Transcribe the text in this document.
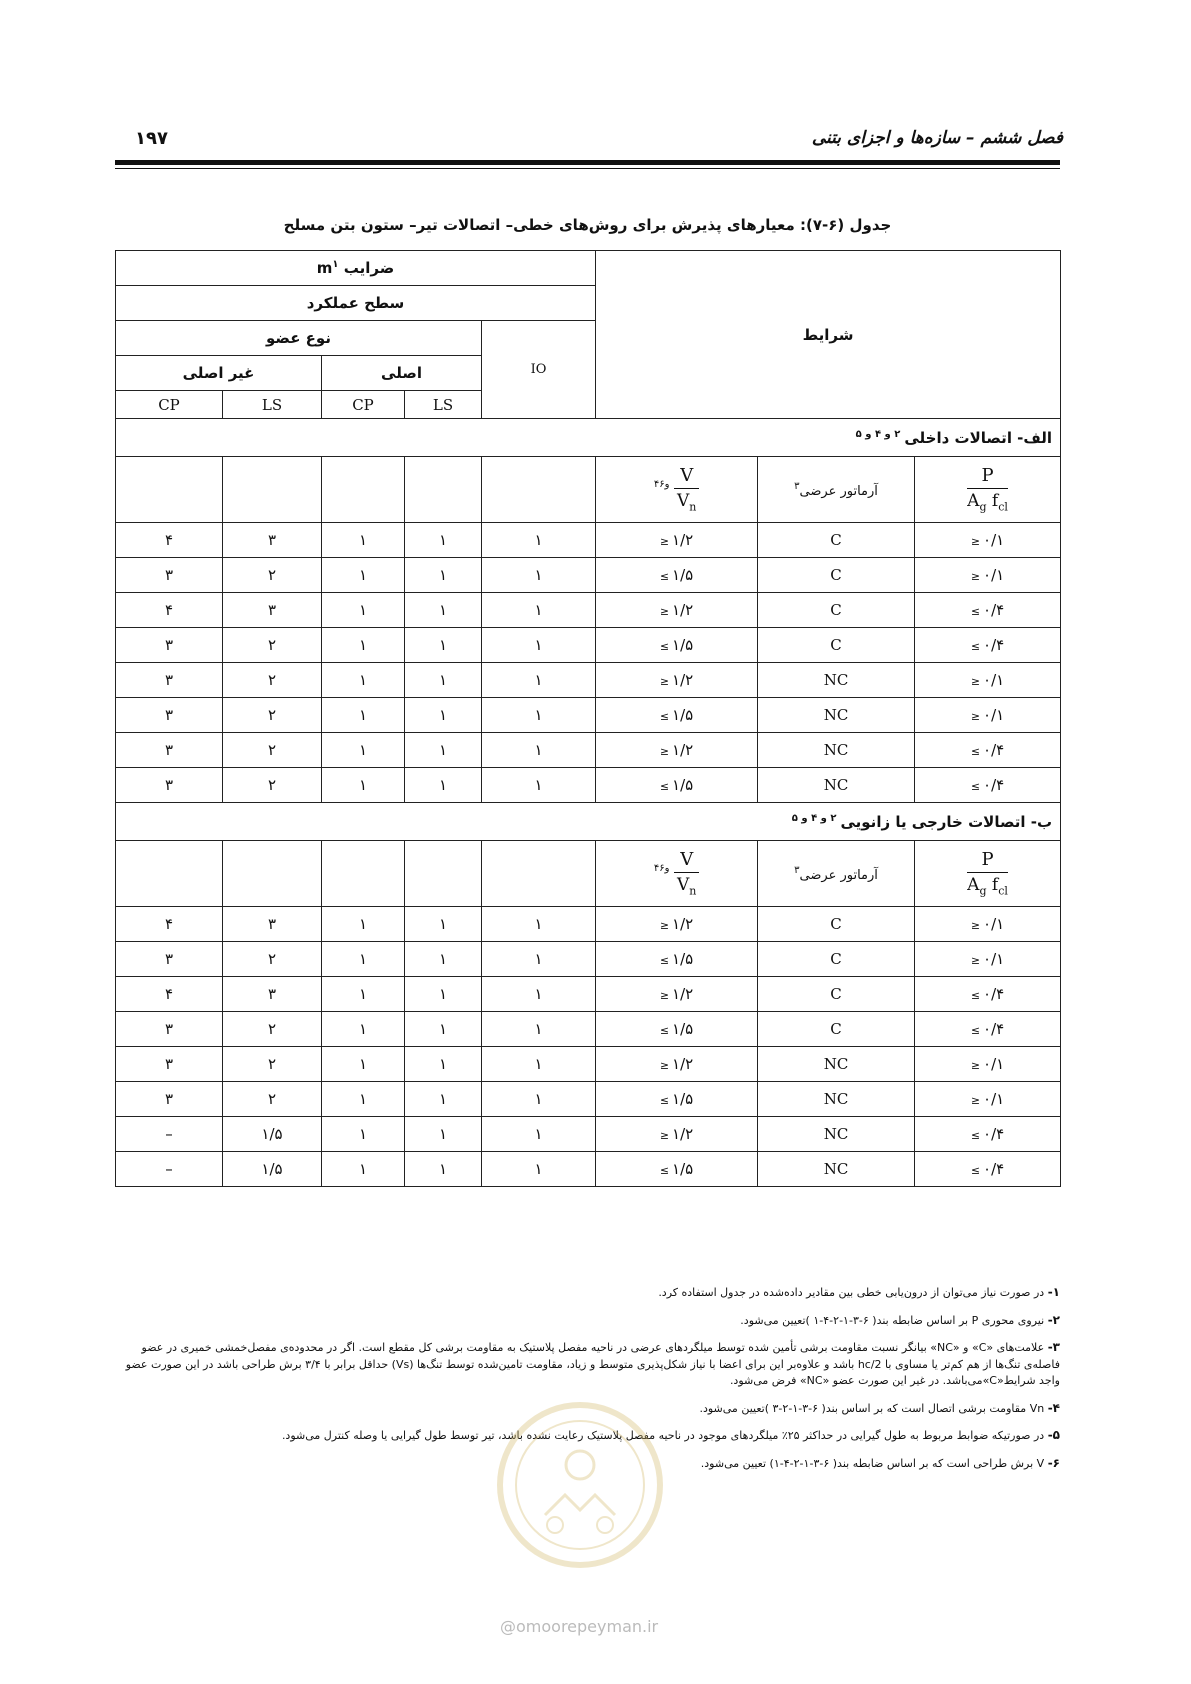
فصل ششم – سازه‌ها و اجزای بتنی
۱۹۷
جدول (۶-۷): معیارهای پذیرش برای روش‌های خطی– اتصالات تیر– ستون بتن مسلح
ضرایب m$^۱$					شرایط		
سطح عملکرد							
نوع عضو				IO			
غیر اصلی		اصلی					
CP	LS	CP	LS				
الف- اتصالات داخلی$^{۲ و ۴ و ۵}$
					$^{۴و۶} \frac{V}{V_n}$	آرماتور عرضی$^۳$	$\frac{P}{A_g f_{cl}}$

۴	۳	۱	۱	۱	۱/۲≤	C	۰/۱≤
۳	۲	۱	۱	۱	۱/۵≥	C	۰/۱≤
۴	۳	۱	۱	۱	۱/۲≤	C	۰/۴≥
۳	۲	۱	۱	۱	۱/۵≥	C	۰/۴≥
۳	۲	۱	۱	۱	۱/۲≤	NC	۰/۱≤
۳	۲	۱	۱	۱	۱/۵≥	NC	۰/۱≤
۳	۲	۱	۱	۱	۱/۲≤	NC	۰/۴≥
۳	۲	۱	۱	۱	۱/۵≥	NC	۰/۴≥
ب- اتصالات خارجی یا زانویی$^{۲ و ۴ و ۵}$
					$^{۴و۶} \frac{V}{V_n}$	آرماتور عرضی$^۳$	$\frac{P}{A_g f_{cl}}$

۴	۳	۱	۱	۱	۱/۲≤	C	۰/۱≤
۳	۲	۱	۱	۱	۱/۵≥	C	۰/۱≤
۴	۳	۱	۱	۱	۱/۲≤	C	۰/۴≥
۳	۲	۱	۱	۱	۱/۵≥	C	۰/۴≥
۳	۲	۱	۱	۱	۱/۲≤	NC	۰/۱≤
۳	۲	۱	۱	۱	۱/۵≥	NC	۰/۱≤
–	۱/۵	۱	۱	۱	۱/۲≤	NC	۰/۴≥
–	۱/۵	۱	۱	۱	۱/۵≥	NC	۰/۴≥
۱- در صورت نیاز می‌توان از درون‌یابی خطی بین مقادیر داده‌شده در جدول استفاده کرد.
۲- نیروی محوری P بر اساس ضابطه بند( ۶-۳-۱-۲-۴-۱ )تعیین می‌شود.
۳- علامت‌های «C» و «NC» بیانگر نسبت مقاومت برشی تأمین شده توسط میلگردهای عرضی در ناحیه مفصل پلاستیک به مقاومت برشی کل مقطع است. اگر در محدوده‌ی مفصل‌خمشی خمیری در عضو فاصله‌ی تنگ‌ها از هم کم‌تر یا مساوی با hc/2 باشد و علاوه‌بر این برای اعضا با نیاز شکل‌پذیری متوسط و زیاد، مقاومت تامین‌شده توسط تنگ‌ها (Vs) حداقل برابر با ۳/۴ برش طراحی باشد در این صورت عضو واجد شرایط«C»می‌باشد. در غیر این صورت عضو «NC» فرض می‌شود.
۴- Vn مقاومت برشی اتصال است که بر اساس بند( ۶-۳-۱-۲-۳ )تعیین می‌شود.
۵- در صورتیکه ضوابط مربوط به طول گیرایی در حداکثر ۲۵٪ میلگردهای موجود در ناحیه مفصل پلاستیک رعایت نشده باشد، تیر توسط طول گیرایی یا وصله کنترل می‌شود.
۶- V برش طراحی است که بر اساس ضابطه بند( ۶-۳-۱-۲-۴-۱) تعیین می‌شود.
@omoorepeyman.ir
